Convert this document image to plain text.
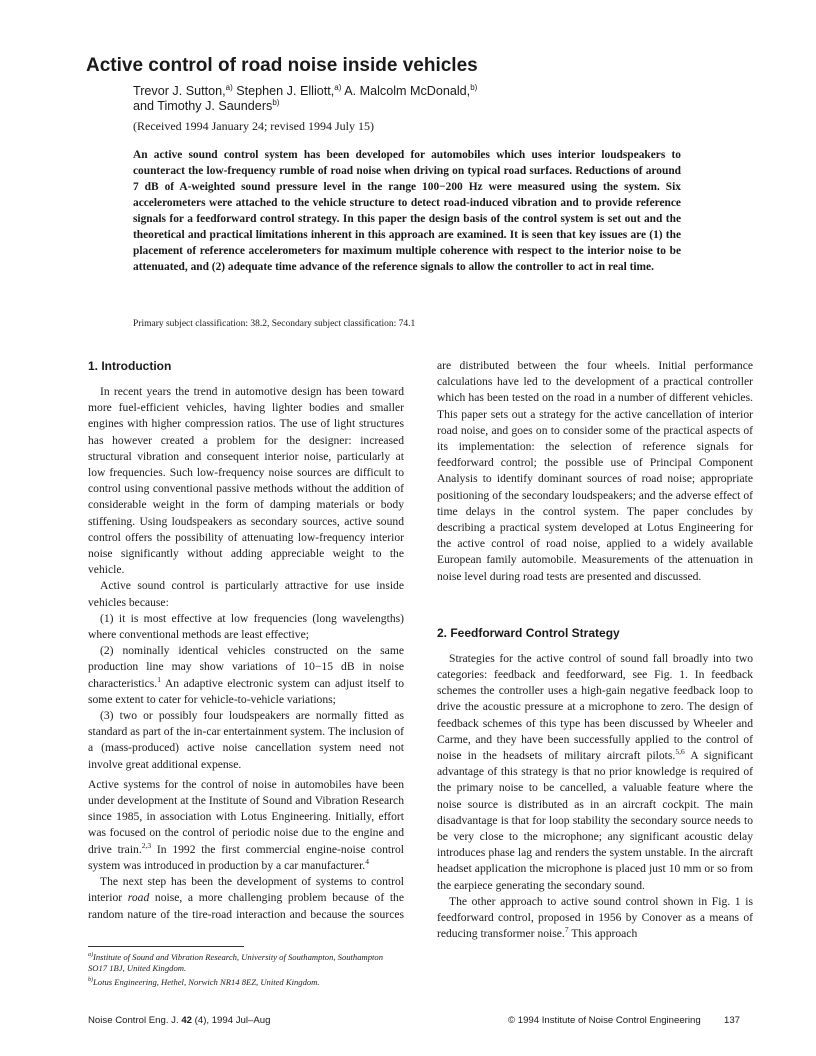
Active control of road noise inside vehicles
Trevor J. Sutton,$^{a)}$ Stephen J. Elliott,$^{a)}$ A. Malcolm McDonald,$^{b)}$
and Timothy J. Saunders$^{b)}$
(Received 1994 January 24; revised 1994 July 15)

An active sound control system has been developed for automobiles which uses interior loudspeakers to counteract the low-frequency rumble of road noise when driving on typical road surfaces. Reductions of around 7 dB of A-weighted sound pressure level in the range 100−200 Hz were measured using the system. Six accelerometers were attached to the vehicle structure to detect road-induced vibration and to provide reference signals for a feedforward control strategy. In this paper the design basis of the control system is set out and the theoretical and practical limitations inherent in this approach are examined. It is seen that key issues are (1) the placement of reference accelerometers for maximum multiple coherence with respect to the interior noise to be attenuated, and (2) adequate time advance of the reference signals to allow the controller to act in real time.

Primary subject classification: 38.2, Secondary subject classification: 74.1
1. Introduction

In recent years the trend in automotive design has been toward more fuel-efficient vehicles, having lighter bodies and smaller engines with higher compression ratios. The use of light structures has however created a problem for the designer: increased structural vibration and consequent interior noise, particularly at low frequencies. Such low-frequency noise sources are difficult to control using conventional passive methods without the addition of considerable weight in the form of damping materials or body stiffening. Using loudspeakers as secondary sources, active sound control offers the possibility of attenuating low-frequency interior noise significantly without adding appreciable weight to the vehicle.

Active sound control is particularly attractive for use inside vehicles because:

(1) it is most effective at low frequencies (long wavelengths) where conventional methods are least effective;

(2) nominally identical vehicles constructed on the same production line may show variations of 10−15 dB in noise characteristics.$^1$ An adaptive electronic system can adjust itself to some extent to cater for vehicle-to-vehicle variations;

(3) two or possibly four loudspeakers are normally fitted as standard as part of the in-car entertainment system. The inclusion of a (mass-produced) active noise cancellation system need not involve great additional expense.

Active systems for the control of noise in automobiles have been under development at the Institute of Sound and Vibration Research since 1985, in association with Lotus Engineering. Initially, effort was focused on the control of periodic noise due to the engine and drive train.$^{2,3}$ In 1992 the first commercial engine-noise control system was introduced in production by a car manufacturer.$^4$

The next step has been the development of systems to control interior road noise, a more challenging problem because of the random nature of the tire-road interaction and because the sources

$^{a)}$Institute of Sound and Vibration Research, University of Southampton, Southampton SO17 1BJ, United Kingdom.
$^{b)}$Lotus Engineering, Hethel, Norwich NR14 8EZ, United Kingdom.

are distributed between the four wheels. Initial performance calculations have led to the development of a practical controller which has been tested on the road in a number of different vehicles. This paper sets out a strategy for the active cancellation of interior road noise, and goes on to consider some of the practical aspects of its implementation: the selection of reference signals for feedforward control; the possible use of Principal Component Analysis to identify dominant sources of road noise; appropriate positioning of the secondary loudspeakers; and the adverse effect of time delays in the control system. The paper concludes by describing a practical system developed at Lotus Engineering for the active control of road noise, applied to a widely available European family automobile. Measurements of the attenuation in noise level during road tests are presented and discussed.

2. Feedforward Control Strategy

Strategies for the active control of sound fall broadly into two categories: feedback and feedforward, see Fig. 1. In feedback schemes the controller uses a high-gain negative feedback loop to drive the acoustic pressure at a microphone to zero. The design of feedback schemes of this type has been discussed by Wheeler and Carme, and they have been successfully applied to the control of noise in the headsets of military aircraft pilots.$^{5,6}$ A significant advantage of this strategy is that no prior knowledge is required of the primary noise to be cancelled, a valuable feature where the noise source is distributed as in an aircraft cockpit. The main disadvantage is that for loop stability the secondary source needs to be very close to the microphone; any significant acoustic delay introduces phase lag and renders the system unstable. In the aircraft headset application the microphone is placed just 10 mm or so from the earpiece generating the secondary sound.

The other approach to active sound control shown in Fig. 1 is feedforward control, proposed in 1956 by Conover as a means of reducing transformer noise.$^7$ This approach

Noise Control Eng. J. 42 (4), 1994 Jul–Aug	© 1994 Institute of Noise Control Engineering 137
